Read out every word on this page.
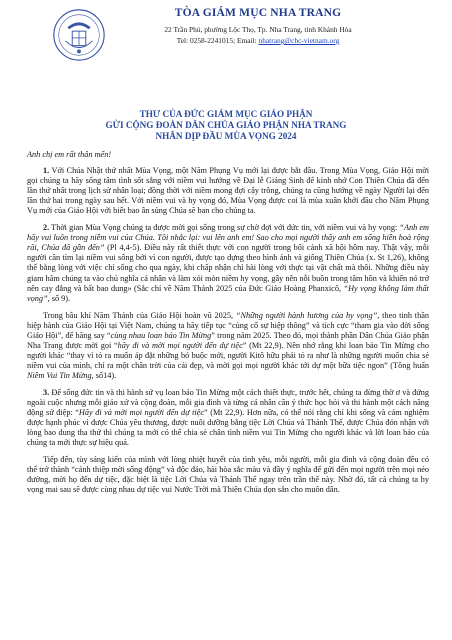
TÒA GIÁM MỤC NHA TRANG
22 Trần Phú, phường Lộc Thọ, Tp. Nha Trang, tỉnh Khánh Hòa
Tel: 0258-2241015; Email: nhatrang@cbc-vietnam.org
THƯ CỦA ĐỨC GIÁM MỤC GIÁO PHẬN
GỬI CỘNG ĐOÀN DÂN CHÚA GIÁO PHẬN NHA TRANG
NHÂN DỊP ĐẦU MÙA VỌNG 2024

Anh chị em rất thân mến!

1. Với Chúa Nhật thứ nhất Mùa Vọng, một Năm Phụng Vụ mới lại được bắt đầu. Trong Mùa Vọng, Giáo Hội mời gọi chúng ta hãy sống tâm tình sốt sắng với niềm vui hướng về Đại lễ Giáng Sinh để kính nhớ Con Thiên Chúa đã đến lần thứ nhất trong lịch sử nhân loại; đồng thời với niềm mong đợi cậy trông, chúng ta cũng hướng về ngày Người lại đến lần thứ hai trong ngày sau hết. Với niềm vui và hy vọng đó, Mùa Vọng được coi là mùa xuân khởi đầu cho Năm Phụng Vụ mới của Giáo Hội với biết bao ân sủng Chúa sẽ ban cho chúng ta.

2. Thời gian Mùa Vọng chúng ta được mời gọi sống trong sự chờ đợi với đức tin, với niềm vui và hy vọng: “Anh em hãy vui luôn trong niềm vui của Chúa. Tôi nhắc lại: vui lên anh em! Sao cho mọi người thấy anh em sống hiền hoà rộng rãi, Chúa đã gần đến” (Pl 4,4-5). Điều này rất thiết thực với con người trong bối cảnh xã hội hôm nay. Thật vậy, mỗi người cần tìm lại niềm vui sống bởi vì con người, được tạo dựng theo hình ảnh và giống Thiên Chúa (x. St 1,26), không thể bằng lòng với việc chỉ sống cho qua ngày, khi chấp nhận chỉ hài lòng với thực tại vật chất mà thôi. Những điều này giam hãm chúng ta vào chủ nghĩa cá nhân và làm xói mòn niềm hy vọng, gây nên nỗi buồn trong tâm hồn và khiến nó trở nên cay đắng và bất bao dung» (Sắc chỉ về Năm Thánh 2025 của Đức Giáo Hoàng Phanxicô, “Hy vọng không làm thất vọng”, số 9).

Trong bầu khí Năm Thánh của Giáo Hội hoàn vũ 2025, “Những người hành hương của hy vọng”, theo tinh thần hiệp hành của Giáo Hội tại Việt Nam, chúng ta hãy tiếp tục “củng cố sự hiệp thông” và tích cực “tham gia vào đời sống Giáo Hội”, để hăng say “cùng nhau loan báo Tin Mừng” trong năm 2025. Theo đó, mọi thành phần Dân Chúa Giáo phận Nha Trang được mời gọi “hãy đi và mời mọi người đến dự tiệc” (Mt 22,9). Nên nhớ rằng khi loan báo Tin Mừng cho người khác “thay vì tỏ ra muốn áp đặt những bó buộc mới, người Kitô hữu phải tỏ ra như là những người muốn chia sẻ niềm vui của mình, chỉ ra một chân trời của cái đẹp, và mời gọi mọi người khác tới dự một bữa tiệc ngon” (Tông huấn Niềm Vui Tin Mừng, số14).

3. Để sống đức tin và thi hành sứ vụ loan báo Tin Mừng một cách thiết thực, trước hết, chúng ta đừng thờ ơ và đứng ngoài cuộc nhưng mỗi giáo xứ và cộng đoàn, mỗi gia đình và từng cá nhân cần ý thức học hỏi và thi hành một cách năng động sứ điệp: “Hãy đi và mời mọi người đến dự tiệc” (Mt 22,9). Hơn nữa, có thể nói rằng chỉ khi sống và cảm nghiệm được hạnh phúc vì được Chúa yêu thương, được nuôi dưỡng bằng tiệc Lời Chúa và Thánh Thể, được Chúa đón nhận với lòng bao dung tha thứ thì chúng ta mới có thể chia sẻ chân tình niềm vui Tin Mừng cho người khác và lời loan báo của chúng ta mới thực sự hiệu quả.

Tiếp đến, tùy sáng kiến của mình với lòng nhiệt huyết của tình yêu, mỗi người, mỗi gia đình và cộng đoàn đều có thể trở thành “cánh thiệp mời sống động” và độc đáo, hài hòa sắc màu và đầy ý nghĩa để gửi đến mọi người trên mọi nẻo đường, mời họ đến dự tiệc, đặc biệt là tiệc Lời Chúa và Thánh Thể ngay trên trần thế này. Nhờ đó, tất cả chúng ta hy vọng mai sau sẽ được cùng nhau dự tiệc vui Nước Trời mà Thiên Chúa dọn sẵn cho muôn dân.
